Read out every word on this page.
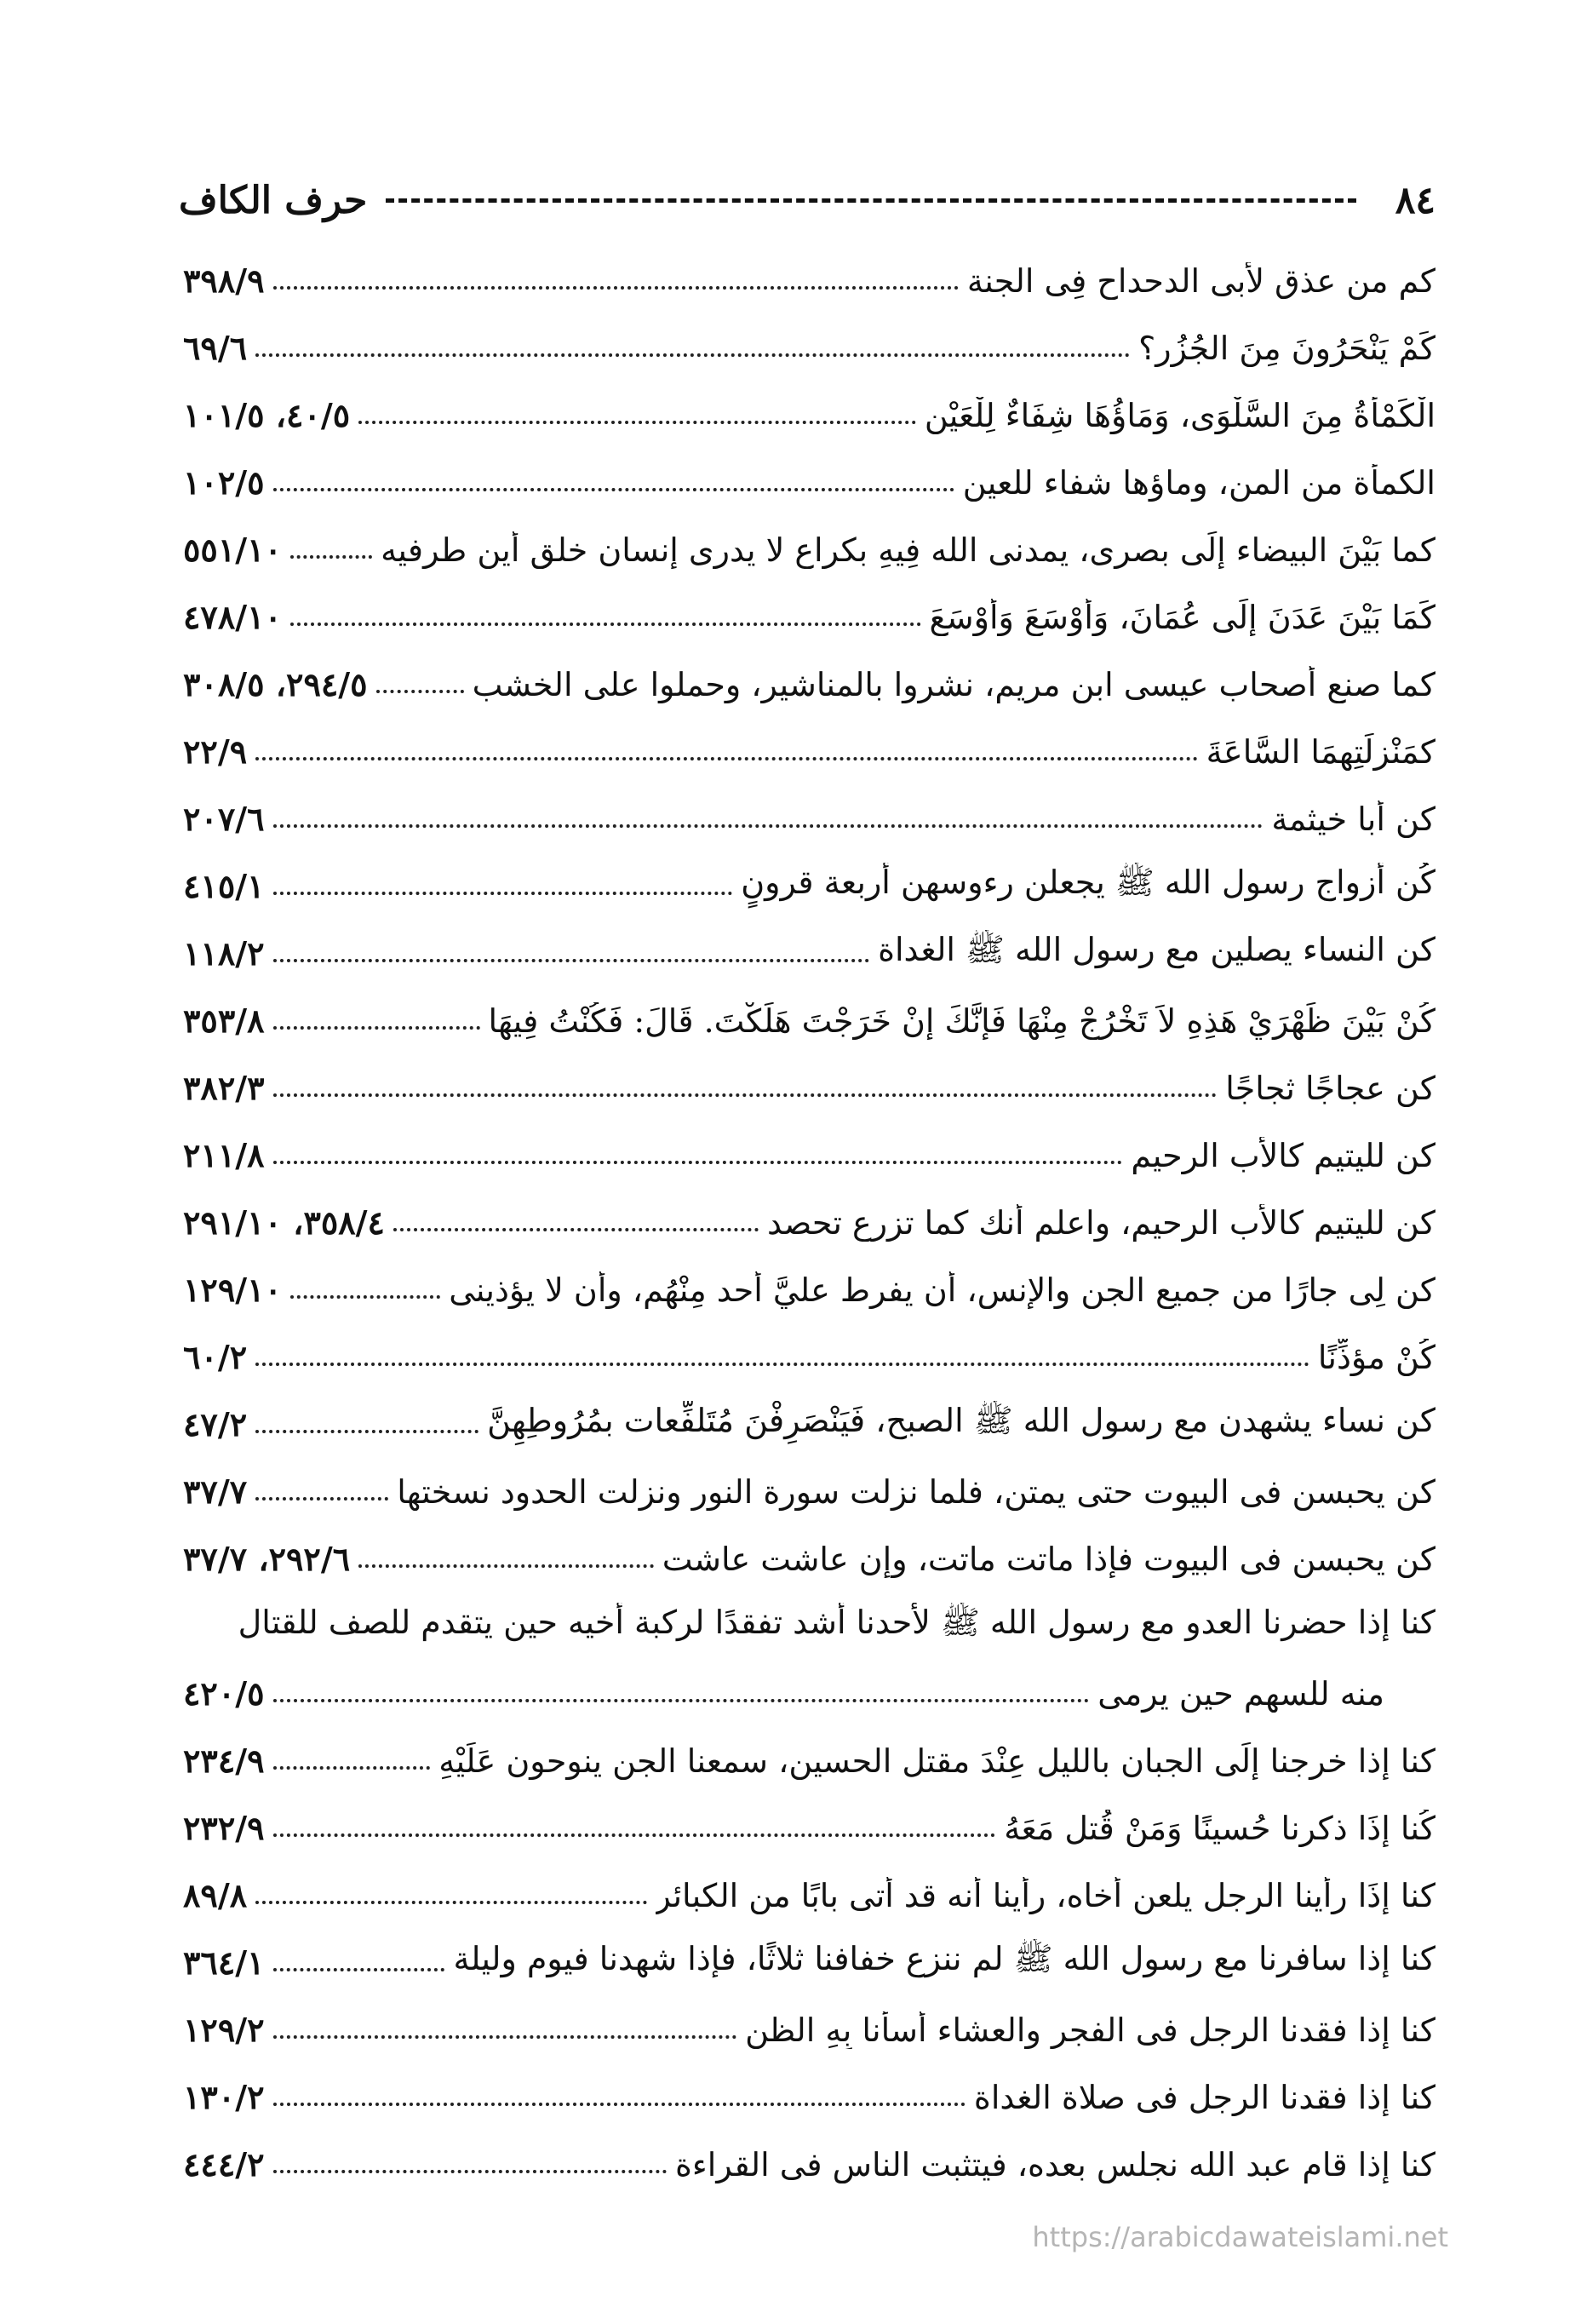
٨٤
حرف الكاف
كم من عذق لأبى الدحداح فِى الجنة
٣٩٨/٩
كَمْ يَنْحَرُونَ مِنَ الجُزُرِ؟
٦٩/٦
الْكَمْأَةُ مِنَ السَّلْوَى، وَمَاؤُهَا شِفَاءٌ لِلْعَيْنِ
٤٠/٥، ١٠١/٥
الكمأة من المن، وماؤها شفاء للعين
١٠٢/٥
كما بَيْنَ البيضاء إِلَى بصرى، يمدنى الله فِيهِ بكراع لا يدرى إنسان خلق أين طرفيه
٥٥١/١٠
كَمَا بَيْنَ عَدَنَ إِلَى عُمَانَ، وَأَوْسَعَ وَأَوْسَعَ
٤٧٨/١٠
كما صنع أصحاب عيسى ابن مريم، نشروا بالمناشير، وحملوا على الخشب
٢٩٤/٥، ٣٠٨/٥
كمَنْزِلَتِهِمَا السَّاعَةَ
٢٢/٩
كن أبا خيثمة
٢٠٧/٦
كُن أزواج رسول الله ﷺ يجعلن رءوسهن أربعة قرونٍ
٤١٥/١
كن النساء يصلين مع رسول الله ﷺ الغداة
١١٨/٢
كُنْ بَيْنَ ظَهْرَيْ هَذِهِ لاَ تَخْرُجْ مِنْهَا فَإِنَّكَ إِنْ خَرَجْتَ هَلَكْتَ. قَالَ: فَكُنْتُ فِيهَا
٣٥٣/٨
كن عجاجًا ثجاجًا
٣٨٢/٣
كن لليتيم كالأب الرحيم
٢١١/٨
كن لليتيم كالأب الرحيم، واعلم أنك كما تزرع تحصد
٣٥٨/٤، ٢٩١/١٠
كن لِى جارًا من جميع الجن والإنس، أن يفرط عليَّ أحد مِنْهُم، وأن لا يؤذينى
١٢٩/١٠
كُنْ مؤذِّنًا
٦٠/٢
كن نساء يشهدن مع رسول الله ﷺ الصبح، فَيَنْصَرِفْنَ مُتَلفِّعات بمُرُوطِهِنَّ
٤٧/٢
كن يحبسن فى البيوت حتى يمتن، فلما نزلت سورة النور ونزلت الحدود نسختها
٣٧/٧
كن يحبسن فى البيوت فإذا ماتت ماتت، وإن عاشت عاشت
٢٩٢/٦، ٣٧/٧
كنا إذا حضرنا العدو مع رسول الله ﷺ لأحدنا أشد تفقدًا لركبة أخيه حين يتقدم للصف للقتال
منه للسهم حين يرمى
٤٢٠/٥
كنا إذا خرجنا إِلَى الجبان بالليل عِنْدَ مقتل الحسين، سمعنا الجن ينوحون عَلَيْهِ
٢٣٤/٩
كُنا إِذَا ذكرنا حُسينًا وَمَنْ قُتل مَعَهُ
٢٣٢/٩
كنا إِذَا رأينا الرجل يلعن أخاه، رأينا أنه قد أتى بابًا من الكبائر
٨٩/٨
كنا إذا سافرنا مع رسول الله ﷺ لم ننزع خفافنا ثلاثًا، فإذا شهدنا فيوم وليلة
٣٦٤/١
كنا إذا فقدنا الرجل فى الفجر والعشاء أسأنا بِهِ الظن
١٢٩/٢
كنا إذا فقدنا الرجل فى صلاة الغداة
١٣٠/٢
كنا إذا قام عبد الله نجلس بعده، فيتثبت الناس فى القراءة
٤٤٤/٢
https://arabicdawateislami.net
